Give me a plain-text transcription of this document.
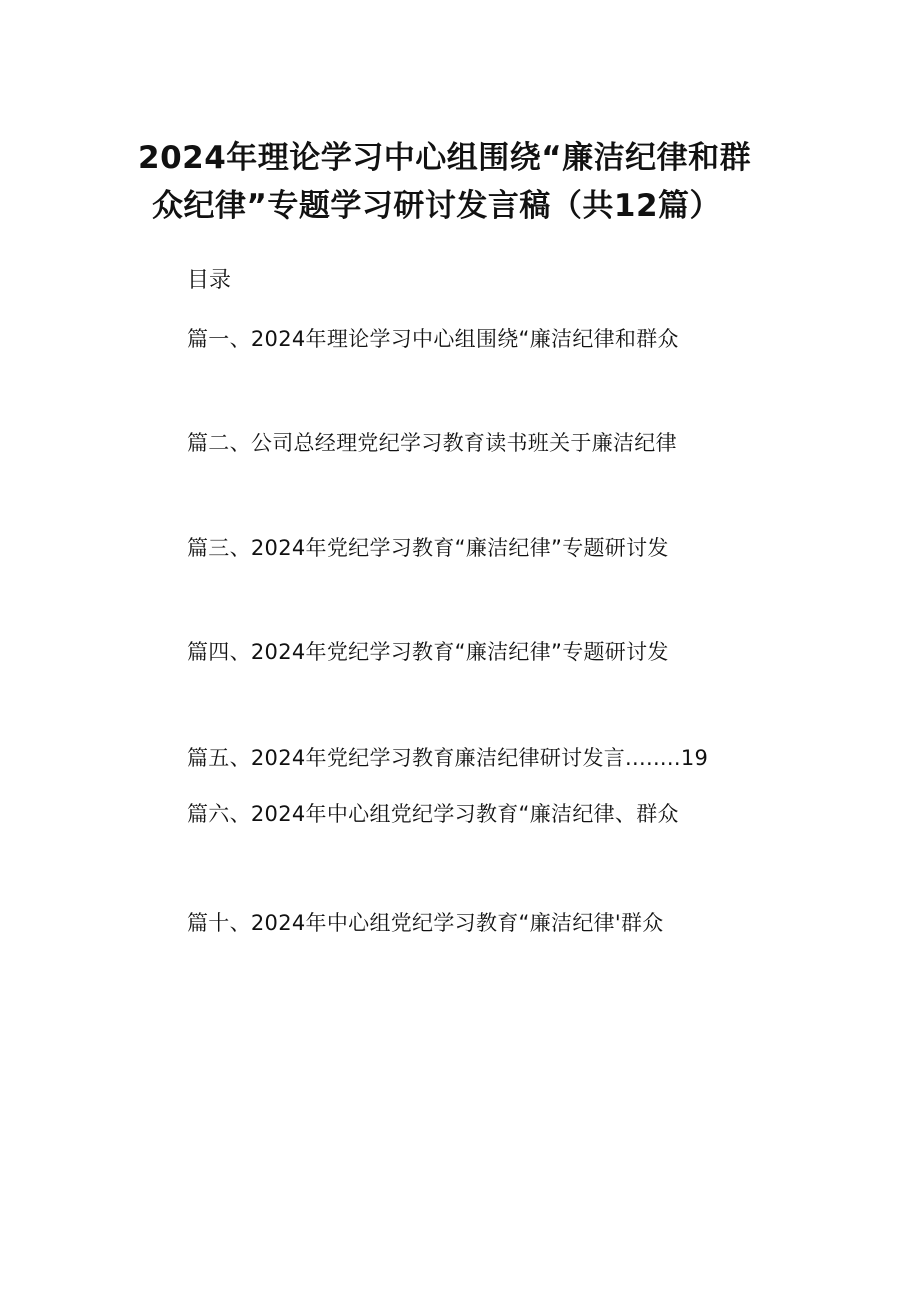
2024年理论学习中心组围绕“廉洁纪律和群
众纪律”专题学习研讨发言稿（共12篇）
目录
篇一、2024年理论学习中心组围绕“廉洁纪律和群众
篇二、公司总经理党纪学习教育读书班关于廉洁纪律
篇三、2024年党纪学习教育“廉洁纪律”专题研讨发
篇四、2024年党纪学习教育“廉洁纪律”专题研讨发
篇五、2024年党纪学习教育廉洁纪律研讨发言........19
篇六、2024年中心组党纪学习教育“廉洁纪律、群众
篇十、2024年中心组党纪学习教育“廉洁纪律'群众
